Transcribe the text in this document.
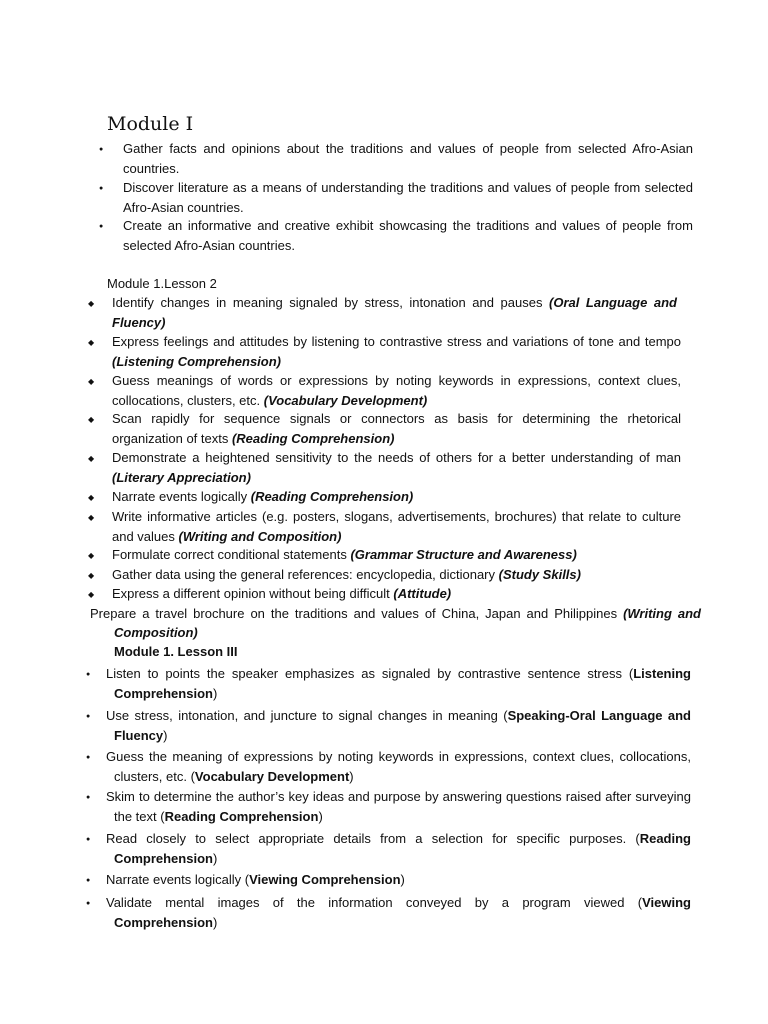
Module I
● Gather facts and opinions about the traditions and values of people from selected Afro-Asian countries.
● Discover literature as a means of understanding the traditions and values of people from selected Afro-Asian countries.
● Create an informative and creative exhibit showcasing the traditions and values of people from selected Afro-Asian countries.
Module 1.Lesson 2
◆ Identify changes in meaning signaled by stress, intonation and pauses (Oral Language and Fluency)
◆ Express feelings and attitudes by listening to contrastive stress and variations of tone and tempo (Listening Comprehension)
◆ Guess meanings of words or expressions by noting keywords in expressions, context clues, collocations, clusters, etc. (Vocabulary Development)
◆ Scan rapidly for sequence signals or connectors as basis for determining the rhetorical organization of texts (Reading Comprehension)
◆ Demonstrate a heightened sensitivity to the needs of others for a better understanding of man (Literary Appreciation)
◆ Narrate events logically (Reading Comprehension)
◆ Write informative articles (e.g. posters, slogans, advertisements, brochures) that relate to culture and values (Writing and Composition)
◆ Formulate correct conditional statements (Grammar Structure and Awareness)
◆ Gather data using the general references: encyclopedia, dictionary (Study Skills)
◆ Express a different opinion without being difficult (Attitude)
Prepare a travel brochure on the traditions and values of China, Japan and Philippines (Writing and Composition)
Module 1. Lesson III
● Listen to points the speaker emphasizes as signaled by contrastive sentence stress (Listening Comprehension)
● Use stress, intonation, and juncture to signal changes in meaning (Speaking-Oral Language and Fluency)
● Guess the meaning of expressions by noting keywords in expressions, context clues, collocations, clusters, etc. (Vocabulary Development)
● Skim to determine the author’s key ideas and purpose by answering questions raised after surveying the text (Reading Comprehension)
● Read closely to select appropriate details from a selection for specific purposes. (Reading Comprehension)
● Narrate events logically (Viewing Comprehension)
● Validate mental images of the information conveyed by a program viewed (Viewing Comprehension)
